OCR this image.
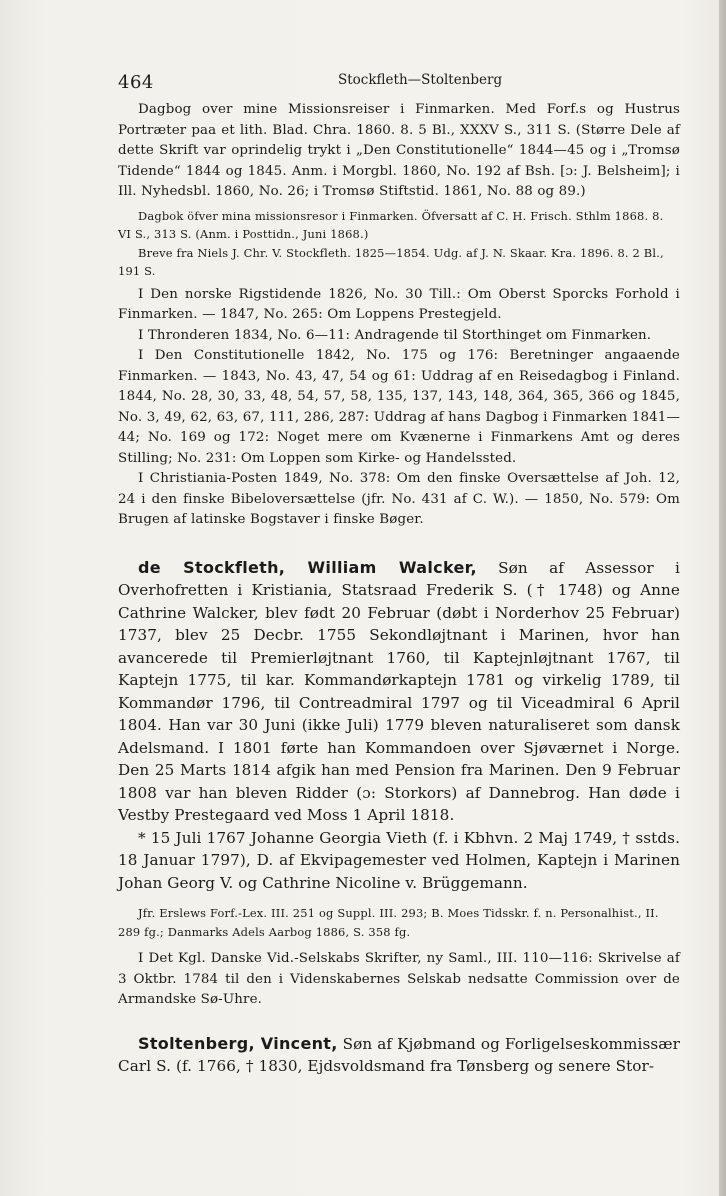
464	Stockfleth—Stoltenberg

Dagbog over mine Missionsreiser i Finmarken. Med Forf.s og Hustrus Portræter paa et lith. Blad. Chra. 1860. 8. 5 Bl., XXXV S., 311 S. (Større Dele af dette Skrift var oprindelig trykt i „Den Constitutionelle“ 1844—45 og i „Tromsø Tidende“ 1844 og 1845. Anm. i Morgbl. 1860, No. 192 af Bsh. [ɔ: J. Belsheim]; i Ill. Nyhedsbl. 1860, No. 26; i Tromsø Stiftstid. 1861, No. 88 og 89.)

Dagbok öfver mina missionsresor i Finmarken. Öfversatt af C. H. Frisch. Sthlm 1868. 8. VI S., 313 S. (Anm. i Posttidn., Juni 1868.)

Breve fra Niels J. Chr. V. Stockfleth. 1825—1854. Udg. af J. N. Skaar. Kra. 1896. 8. 2 Bl., 191 S.

I Den norske Rigstidende 1826, No. 30 Till.: Om Oberst Sporcks Forhold i Finmarken. — 1847, No. 265: Om Loppens Prestegjeld.

I Thronderen 1834, No. 6—11: Andragende til Storthinget om Finmarken.

I Den Constitutionelle 1842, No. 175 og 176: Beretninger angaaende Finmarken. — 1843, No. 43, 47, 54 og 61: Uddrag af en Reisedagbog i Finland. 1844, No. 28, 30, 33, 48, 54, 57, 58, 135, 137, 143, 148, 364, 365, 366 og 1845, No. 3, 49, 62, 63, 67, 111, 286, 287: Uddrag af hans Dagbog i Finmarken 1841—44; No. 169 og 172: Noget mere om Kvænerne i Finmarkens Amt og deres Stilling; No. 231: Om Loppen som Kirke- og Handelssted.

I Christiania-Posten 1849, No. 378: Om den finske Oversættelse af Joh. 12, 24 i den finske Bibeloversættelse (jfr. No. 431 af C. W.). — 1850, No. 579: Om Brugen af latinske Bogstaver i finske Bøger.

de Stockfleth, William Walcker, Søn af Assessor i Overhofretten i Kristiania, Statsraad Frederik S. († 1748) og Anne Cathrine Walcker, blev født 20 Februar (døbt i Norderhov 25 Februar) 1737, blev 25 Decbr. 1755 Sekondløjtnant i Marinen, hvor han avancerede til Premierløjtnant 1760, til Kaptejnløjtnant 1767, til Kaptejn 1775, til kar. Kommandørkaptejn 1781 og virkelig 1789, til Kommandør 1796, til Contreadmiral 1797 og til Viceadmiral 6 April 1804. Han var 30 Juni (ikke Juli) 1779 bleven naturaliseret som dansk Adelsmand. I 1801 førte han Kommandoen over Sjøværnet i Norge. Den 25 Marts 1814 afgik han med Pension fra Marinen. Den 9 Februar 1808 var han bleven Ridder (ɔ: Storkors) af Dannebrog. Han døde i Vestby Prestegaard ved Moss 1 April 1818.

* 15 Juli 1767 Johanne Georgia Vieth (f. i Kbhvn. 2 Maj 1749, † sstds. 18 Januar 1797), D. af Ekvipagemester ved Holmen, Kaptejn i Marinen Johan Georg V. og Cathrine Nicoline v. Brüggemann.

Jfr. Erslews Forf.-Lex. III. 251 og Suppl. III. 293; B. Moes Tidsskr. f. n. Personalhist., II. 289 fg.; Danmarks Adels Aarbog 1886, S. 358 fg.

I Det Kgl. Danske Vid.-Selskabs Skrifter, ny Saml., III. 110—116: Skrivelse af 3 Oktbr. 1784 til den i Videnskabernes Selskab nedsatte Commission over de Armandske Sø-Uhre.

Stoltenberg, Vincent, Søn af Kjøbmand og Forligelseskommissær Carl S. (f. 1766, † 1830, Ejdsvoldsmand fra Tønsberg og senere Stor-
